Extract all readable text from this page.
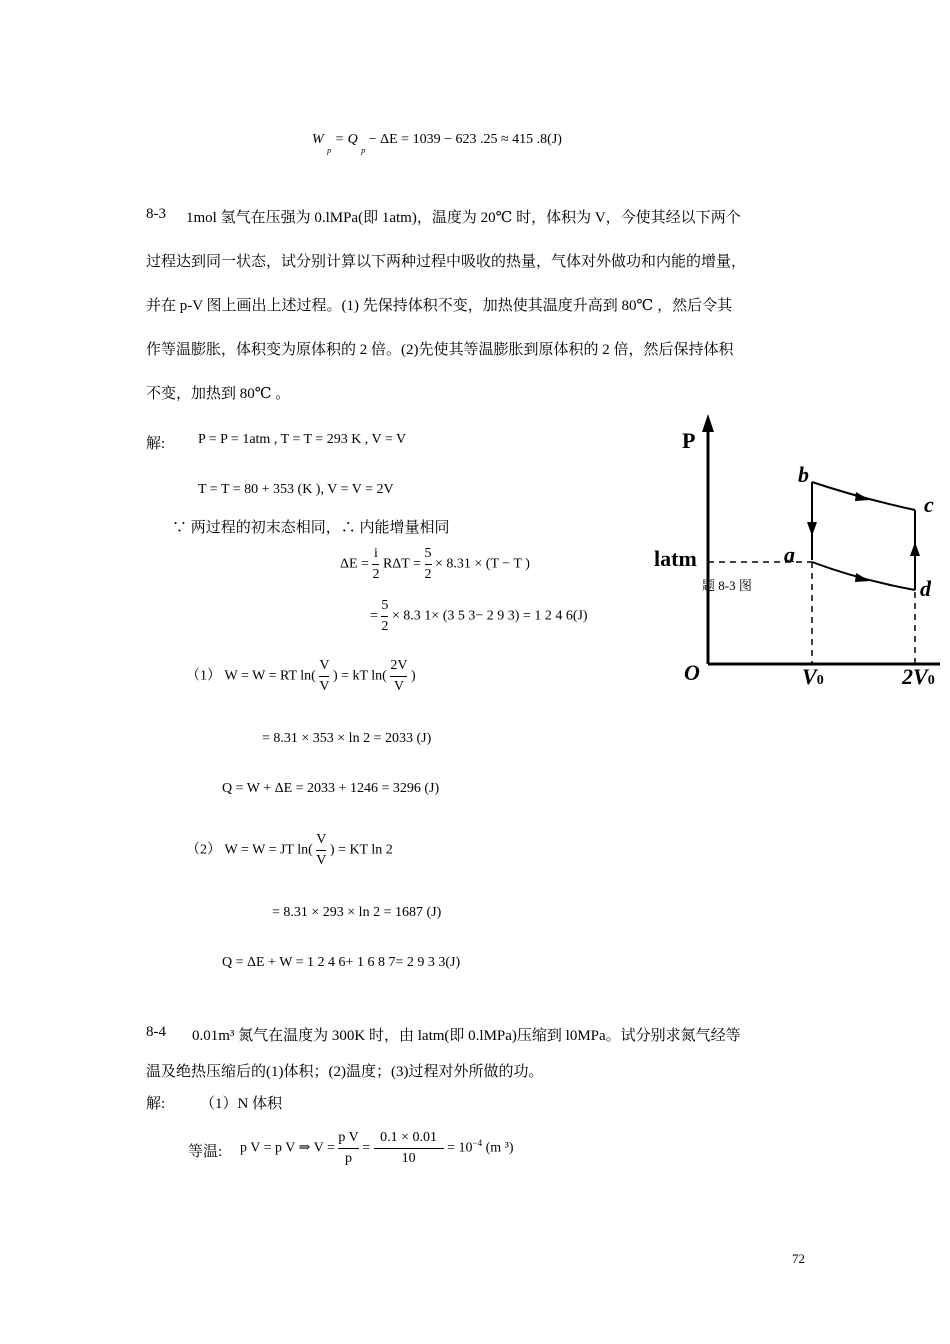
W $_p$ = Q $_p$ − ΔE = 1039 − 623 .25 ≈ 415 .8(J)
8-3 1mol 氢气在压强为 0.lMPa(即 1atm)，温度为 20℃ 时，体积为 V，今使其经以下两个
过程达到同一状态，试分别计算以下两种过程中吸收的热量，气体对外做功和内能的增量，
并在 p-V 图上画出上述过程。(1) 先保持体积不变，加热使其温度升高到 80℃ ，然后令其
作等温膨胀，体积变为原体积的 2 倍。(2)先使其等温膨胀到原体积的 2 倍，然后保持体积
不变，加热到 80℃ 。
解: P = P = 1atm , T = T = 293 K , V = V
T = T = 80 + 353 (K ), V = V = 2V
∵ 两过程的初末态相同，∴ 内能增量相同
$\Delta E = \frac{i}{2}$ $R\Delta T = \frac{5}{2} \times 8.31 \times (T - T$ )
= $\frac{5}{2} \times 8.3$ 1× (3 5 3− 2 9 3) = 1 2 4 6(J)
（1） W = W = RT $\ln( \frac{V}{V}$ ) = kT $\ln( \frac{2V}{V}$ )
= 8.31 × 353 × ln 2 = 2033 (J)
Q = W + ΔE = 2033 + 1246 = 3296 (J)
（2） W = W = JT $\ln( \frac{V}{V}$ ) = KT ln 2
= 8.31 × 293 × ln 2 = 1687 (J)
Q = ΔE + W = 1 2 4 6+ 1 6 8 7= 2 9 3 3(J)
P
b
c
a
latm
题 8-3 图	d
O	V0	2V0
8-4 0.01m³ 氮气在温度为 300K 时，由 latm(即 0.lMPa)压缩到 l0MPa。试分别求氮气经等
温及绝热压缩后的(1)体积；(2)温度；(3)过程对外所做的功。
解: （1）N 体积
等温: p V = p V ⇒ $V = \frac{\text{p V}}{p} = \frac{0.1 \times 0.01}{10} = 10^{-4}$ (m ³)
72
